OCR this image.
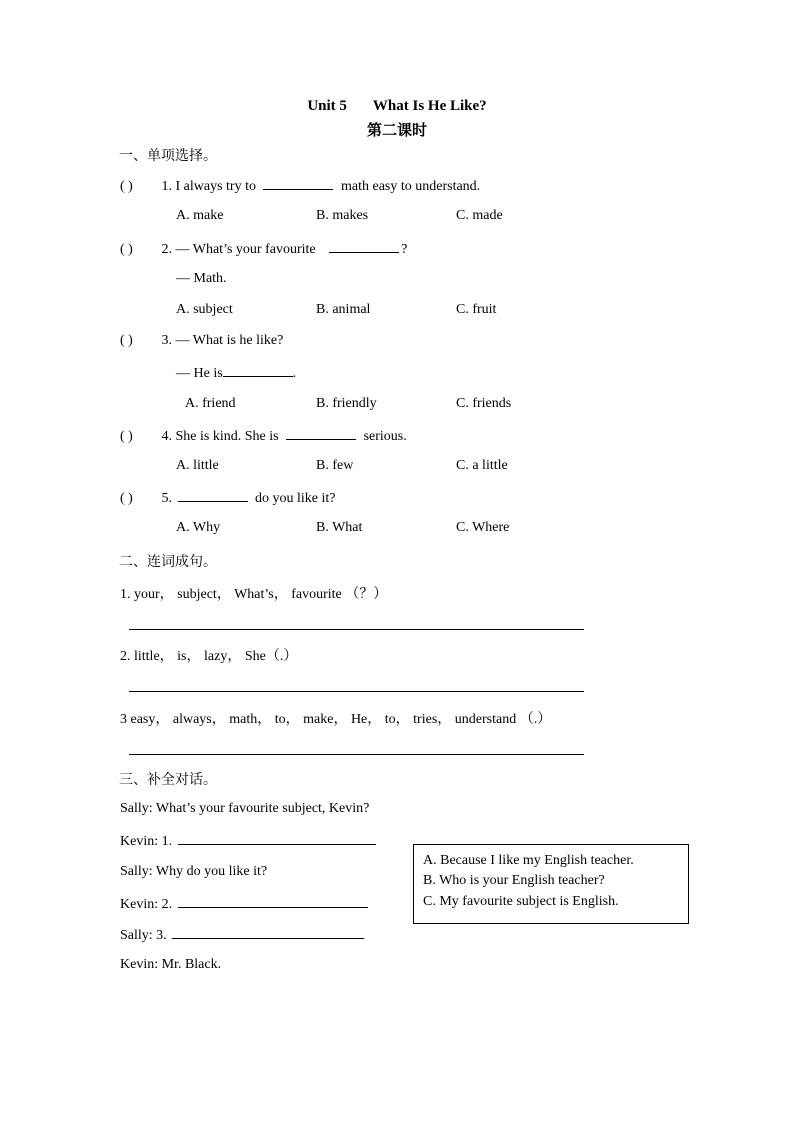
Unit 5 What Is He Like?
第二课时
一、单项选择。
( ) 1. I always try to	math easy to understand.
A. make	B. makes	C. made
( ) 2. — What’s your favourite	?
— Math.
A. subject	B. animal	C. fruit
( ) 3. — What is he like?
— He is	.
A. friend	B. friendly	C. friends
( ) 4. She is kind. She is	serious.
A. little	B. few	C. a little
( ) 5.	do you like it?
A. Why	B. What	C. Where
二、连词成句。
1. your， subject， What’s， favourite （？）
2. little， is， lazy， She（.）
3 easy， always， math， to， make， He， to， tries， understand （.）
三、补全对话。
Sally: What’s your favourite subject, Kevin?
Kevin: 1.
Sally: Why do you like it?
Kevin: 2.
Sally: 3.
Kevin: Mr. Black.
A. Because I like my English teacher.
B. Who is your English teacher?
C. My favourite subject is English.
